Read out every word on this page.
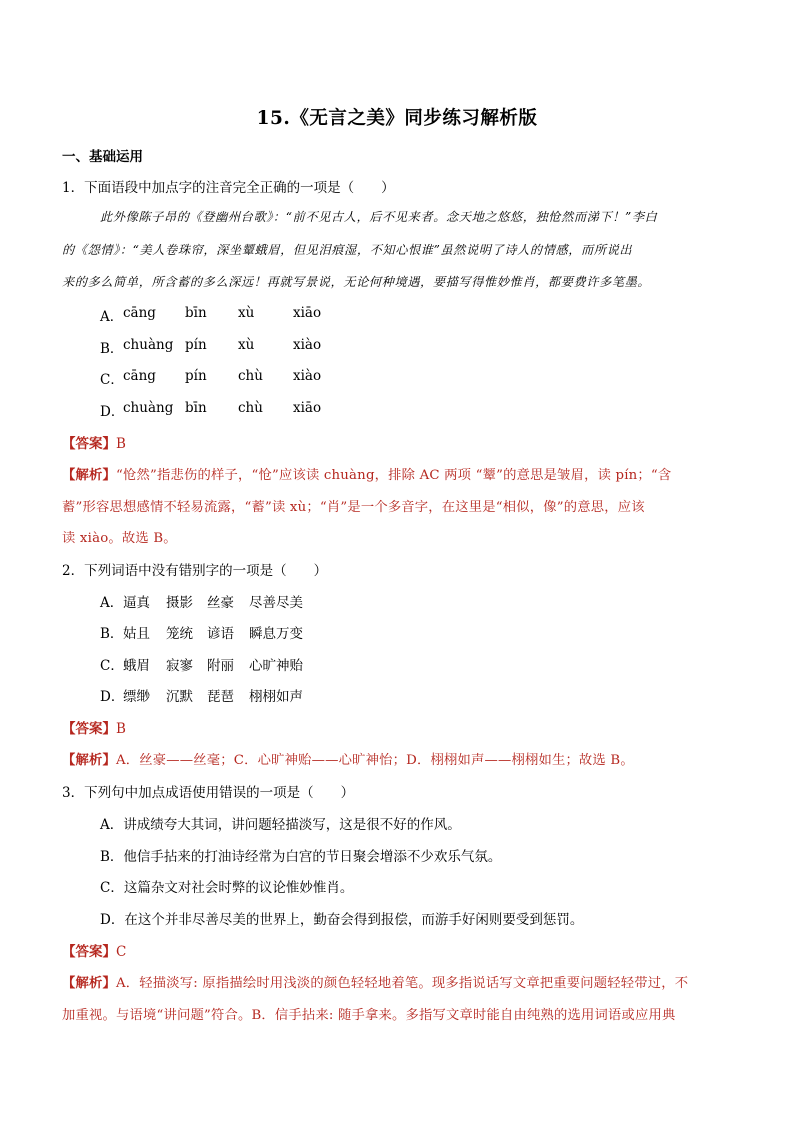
15.《无言之美》同步练习解析版
一、基础运用
1．下面语段中加点字的注音完全正确的一项是（　　）
此外像陈子昂的《登幽州台歌》：“前不见古人，后不见来者。念天地之悠悠，独怆然而涕下！”李白
的《怨情》：“美人卷珠帘，深坐颦蛾眉，但见泪痕湿，不知心恨谁”虽然说明了诗人的情感，而所说出
来的多么简单，所含蓄的多么深远！再就写景说，无论何种境遇，要描写得惟妙惟肖，都要费许多笔墨。
A． cāng bīn xù	xiāo
B． chuàng pín xù	xiào
C． cāng pín chù xiào
D．
chuàng bīn chù xiāo
【答案】B
【解析】“怆然”指悲伤的样子，“怆”应该读 chuàng，排除 AC 两项 “颦”的意思是皱眉，读 pín；“含
蓄”形容思想感情不轻易流露，“蓄”读 xù；“肖”是一个多音字，在这里是“相似，像”的意思，应该
读 xiào。故选 B。
2．下列词语中没有错别字的一项是（　　）
A． 逼真 摄影 丝豪 尽善尽美
B． 姑且 笼统 谚语 瞬息万变
C． 蛾眉 寂寥 附丽 心旷神贻
D．
缥缈 沉默 琵琶 栩栩如声
【答案】B
【解析】A．丝豪——丝毫；C．心旷神贻——心旷神怡；D．栩栩如声——栩栩如生；故选 B。
3．下列句中加点成语使用错误的一项是（　　）
A．讲成绩夸大其词，讲问题轻描淡写，这是很不好的作风。
B．他信手拈来的打油诗经常为白宫的节日聚会增添不少欢乐气氛。
C．这篇杂文对社会时弊的议论惟妙惟肖。
D．在这个并非尽善尽美的世界上，勤奋会得到报偿，而游手好闲则要受到惩罚。
【答案】C
【解析】A．轻描淡写: 原指描绘时用浅淡的颜色轻轻地着笔。现多指说话写文章把重要问题轻轻带过，不
加重视。与语境“讲问题”符合。B．信手拈来: 随手拿来。多指写文章时能自由纯熟的选用词语或应用典
